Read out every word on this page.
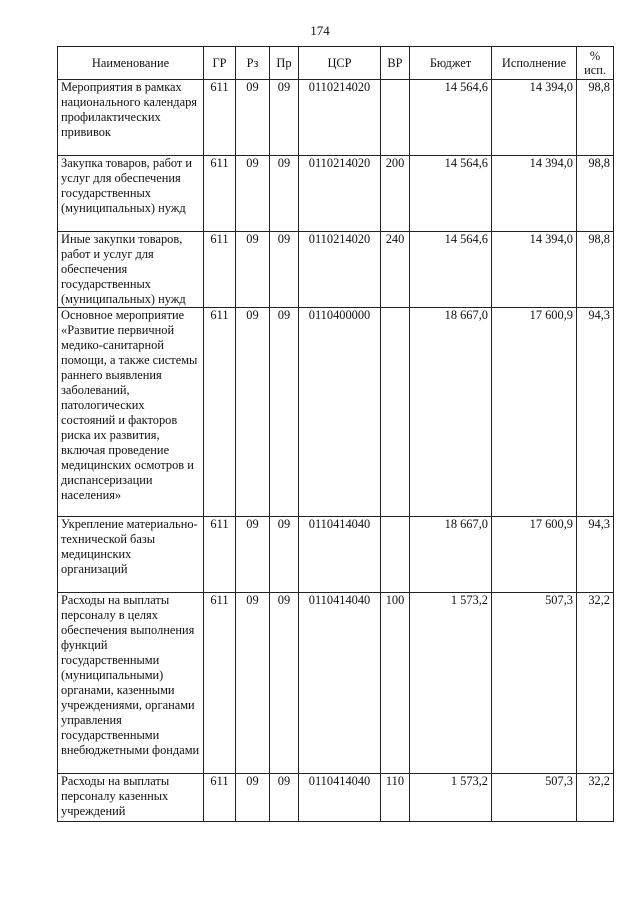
174
Наименование	ГР	Рз	Пр	ЦСР	ВР	Бюджет	Исполнение	%
исп.

Мероприятия в рамках национального календаря профилактических прививок	611	09	09	0110214020		14 564,6	14 394,0	98,8
Закупка товаров, работ и услуг для обеспечения государственных (муниципальных) нужд	611	09	09	0110214020	200	14 564,6	14 394,0	98,8
Иные закупки товаров, работ и услуг для обеспечения государственных (муниципальных) нужд	611	09	09	0110214020	240	14 564,6	14 394,0	98,8
Основное мероприятие «Развитие первичной медико-санитарной помощи, а также системы раннего выявления заболеваний, патологических состояний и факторов риска их развития, включая проведение медицинских осмотров и диспансеризации населения»	611	09	09	0110400000		18 667,0	17 600,9	94,3
Укрепление материально-технической базы медицинских организаций	611	09	09	0110414040		18 667,0	17 600,9	94,3
Расходы на выплаты персоналу в целях обеспечения выполнения функций государственными (муниципальными) органами, казенными учреждениями, органами управления государственными внебюджетными фондами	611	09	09	0110414040	100	1 573,2	507,3	32,2
Расходы на выплаты персоналу казенных учреждений	611	09	09	0110414040	110	1 573,2	507,3	32,2
